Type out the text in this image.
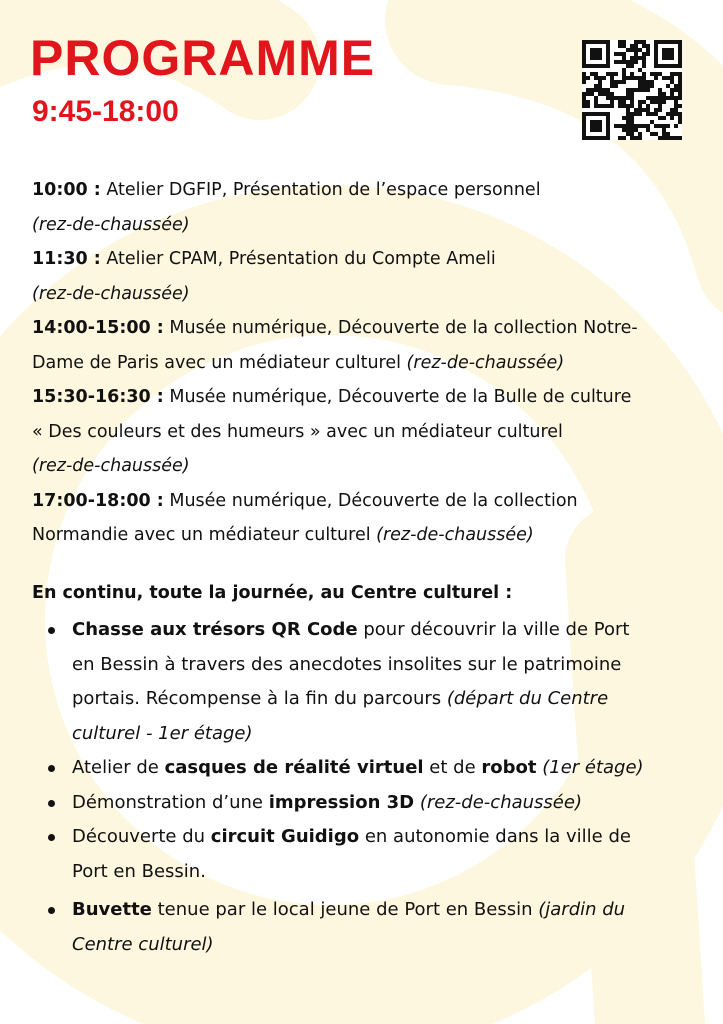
PROGRAMME
9:45-18:00
10:00 : Atelier DGFIP, Présentation de l’espace personnel
(rez-de-chaussée)
11:30 : Atelier CPAM, Présentation du Compte Ameli
(rez-de-chaussée)
14:00-15:00 : Musée numérique, Découverte de la collection Notre-
Dame de Paris avec un médiateur culturel (rez-de-chaussée)
15:30-16:30 : Musée numérique, Découverte de la Bulle de culture
« Des couleurs et des humeurs » avec un médiateur culturel
(rez-de-chaussée)
17:00-18:00 : Musée numérique, Découverte de la collection
Normandie avec un médiateur culturel (rez-de-chaussée)
En continu, toute la journée, au Centre culturel :
Chasse aux trésors QR Code pour découvrir la ville de Port
en Bessin à travers des anecdotes insolites sur le patrimoine
portais. Récompense à la fin du parcours (départ du Centre
culturel - 1er étage)
Atelier de casques de réalité virtuel et de robot (1er étage)
Démonstration d’une impression 3D (rez-de-chaussée)
Découverte du circuit Guidigo en autonomie dans la ville de
Port en Bessin.
Buvette tenue par le local jeune de Port en Bessin (jardin du
Centre culturel)
